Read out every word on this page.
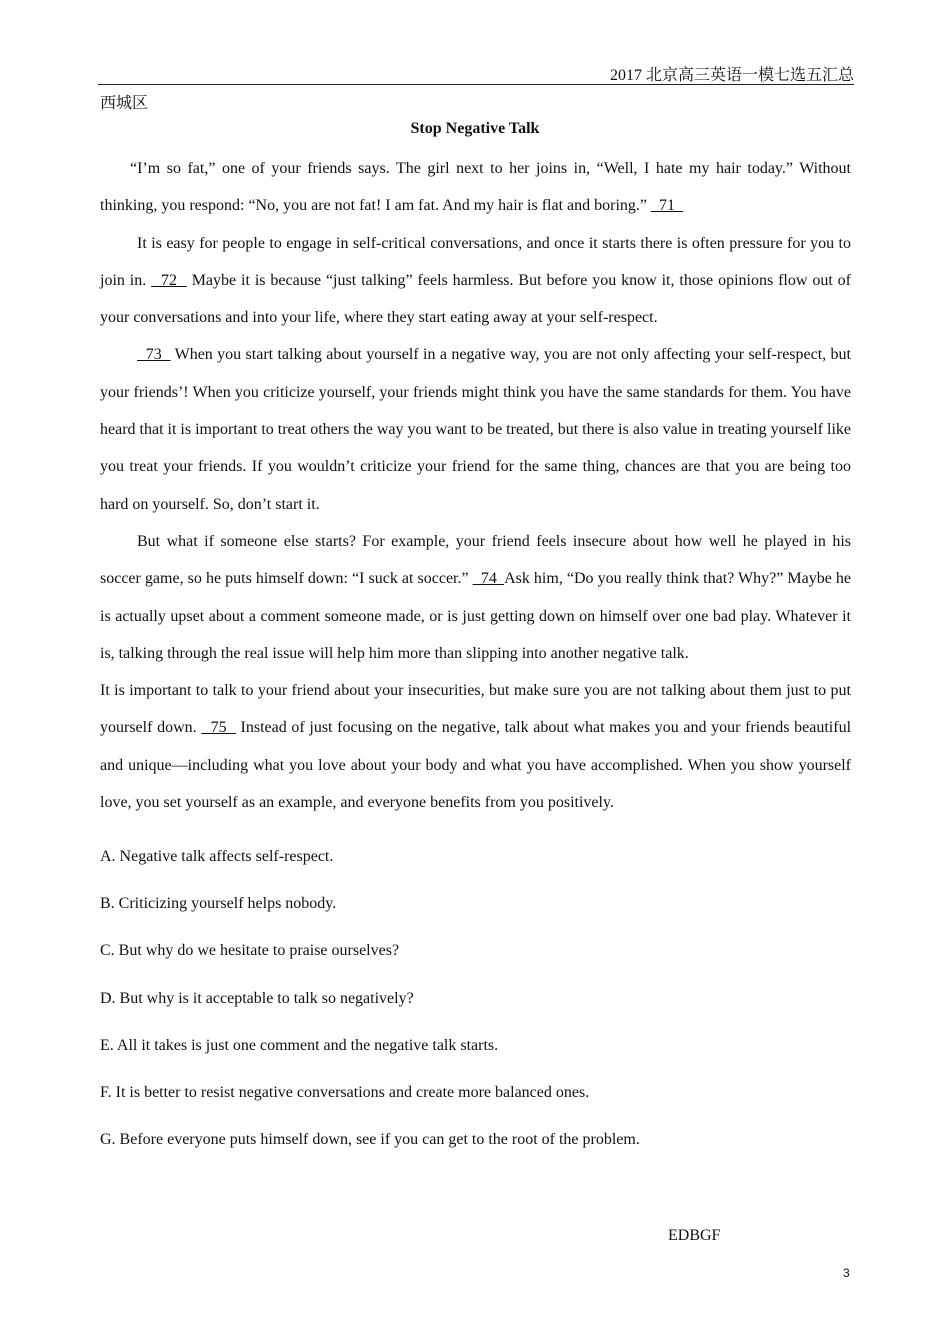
2017 北京高三英语一模七选五汇总
西城区
Stop Negative Talk

“I’m so fat,” one of your friends says. The girl next to her joins in, “Well, I hate my hair today.” Without thinking, you respond: “No, you are not fat! I am fat. And my hair is flat and boring.”   71

It is easy for people to engage in self-critical conversations, and once it starts there is often pressure for you to join in.   72   Maybe it is because “just talking” feels harmless. But before you know it, those opinions flow out of your conversations and into your life, where they start eating away at your self-respect.

73   When you start talking about yourself in a negative way, you are not only affecting your self-respect, but your friends’! When you criticize yourself, your friends might think you have the same standards for them. You have heard that it is important to treat others the way you want to be treated, but there is also value in treating yourself like you treat your friends. If you wouldn’t criticize your friend for the same thing, chances are that you are being too hard on yourself. So, don’t start it.

But what if someone else starts? For example, your friend feels insecure about how well he played in his soccer game, so he puts himself down: “I suck at soccer.”   74  Ask him, “Do you really think that? Why?” Maybe he is actually upset about a comment someone made, or is just getting down on himself over one bad play. Whatever it is, talking through the real issue will help him more than slipping into another negative talk.

It is important to talk to your friend about your insecurities, but make sure you are not talking about them just to put yourself down.   75   Instead of just focusing on the negative, talk about what makes you and your friends beautiful and unique—including what you love about your body and what you have accomplished. When you show yourself love, you set yourself as an example, and everyone benefits from you positively.

A. Negative talk affects self-respect.
B. Criticizing yourself helps nobody.
C. But why do we hesitate to praise ourselves?
D. But why is it acceptable to talk so negatively?
E. All it takes is just one comment and the negative talk starts.
F. It is better to resist negative conversations and create more balanced ones.
G. Before everyone puts himself down, see if you can get to the root of the problem.
EDBGF
3
